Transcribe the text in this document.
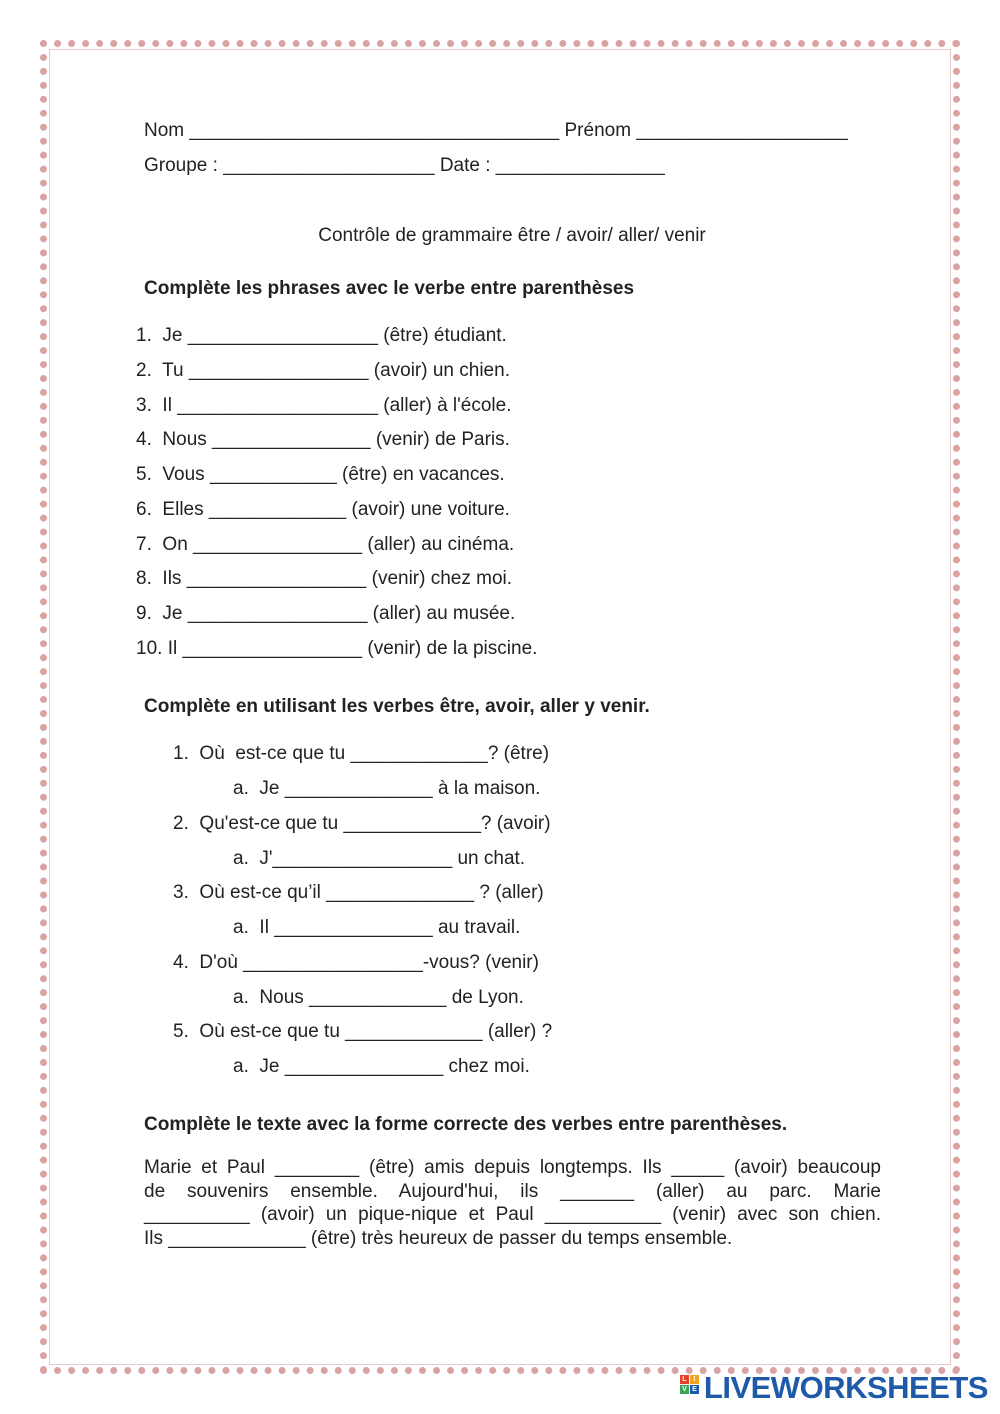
Nom ___________________________________ Prénom ____________________
Groupe : ____________________ Date : ________________
Contrôle de grammaire être / avoir/ aller/ venir
Complète les phrases avec le verbe entre parenthèses
1. Je __________________ (être) étudiant.
2. Tu _________________ (avoir) un chien.
3. Il ___________________ (aller) à l'école.
4. Nous _______________ (venir) de Paris.
5. Vous ____________ (être) en vacances.
6. Elles _____________ (avoir) une voiture.
7. On ________________ (aller) au cinéma.
8. Ils _________________ (venir) chez moi.
9. Je _________________ (aller) au musée.
10. Il _________________ (venir) de la piscine.
Complète en utilisant les verbes être, avoir, aller y venir.
1. Où  est-ce que tu _____________? (être)
a. Je ______________ à la maison.
2. Qu'est-ce que tu _____________? (avoir)
a. J'_________________ un chat.
3. Où est-ce qu’il ______________ ? (aller)
a. Il _______________ au travail.
4. D'où _________________-vous? (venir)
a. Nous _____________ de Lyon.
5. Où est-ce que tu _____________ (aller) ?
a. Je _______________ chez moi.
Complète le texte avec la forme correcte des verbes entre parenthèses.
Marie et Paul ________ (être) amis depuis longtemps. Ils _____ (avoir) beaucoup
de souvenirs ensemble. Aujourd'hui, ils _______ (aller) au parc. Marie
__________ (avoir) un pique-nique et Paul ___________ (venir) avec son chien.
Ils _____________ (être) très heureux de passer du temps ensemble.
L I
V E LIVEWORKSHEETS
